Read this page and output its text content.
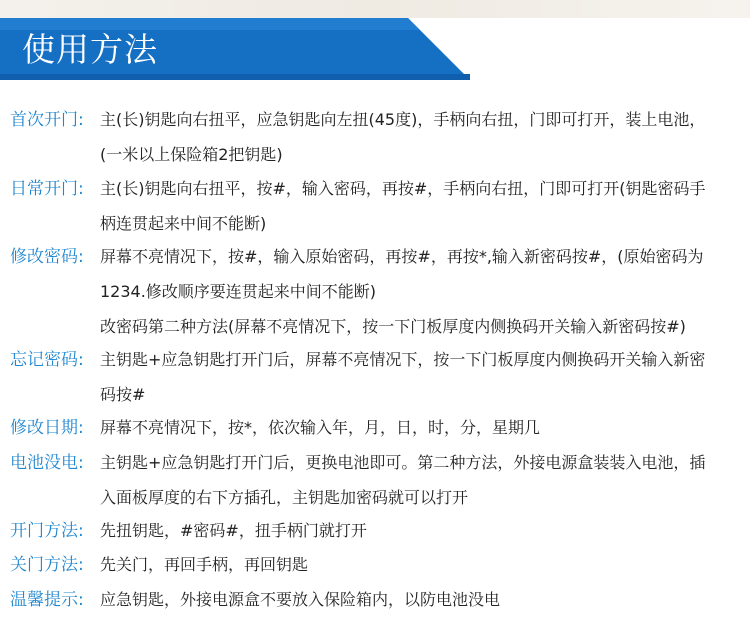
使用方法
首次开门: 主(长)钥匙向右扭平，应急钥匙向左扭(45度)，手柄向右扭，门即可打开，装上电池，
(一米以上保险箱2把钥匙)
日常开门: 主(长)钥匙向右扭平，按#，输入密码，再按#，手柄向右扭，门即可打开(钥匙密码手
柄连贯起来中间不能断)
修改密码: 屏幕不亮情况下，按#，输入原始密码，再按#，再按*,输入新密码按#，(原始密码为
1234.修改顺序要连贯起来中间不能断)
改密码第二种方法(屏幕不亮情况下，按一下门板厚度内侧换码开关输入新密码按#)
忘记密码: 主钥匙+应急钥匙打开门后，屏幕不亮情况下，按一下门板厚度内侧换码开关输入新密
码按#
修改日期: 屏幕不亮情况下，按*，依次输入年，月，日，时，分，星期几
电池没电: 主钥匙+应急钥匙打开门后，更换电池即可。第二种方法，外接电源盒装装入电池，插
入面板厚度的右下方插孔，主钥匙加密码就可以打开
开门方法: 先扭钥匙，#密码#，扭手柄门就打开
关门方法: 先关门，再回手柄，再回钥匙
温馨提示: 应急钥匙，外接电源盒不要放入保险箱内，以防电池没电
